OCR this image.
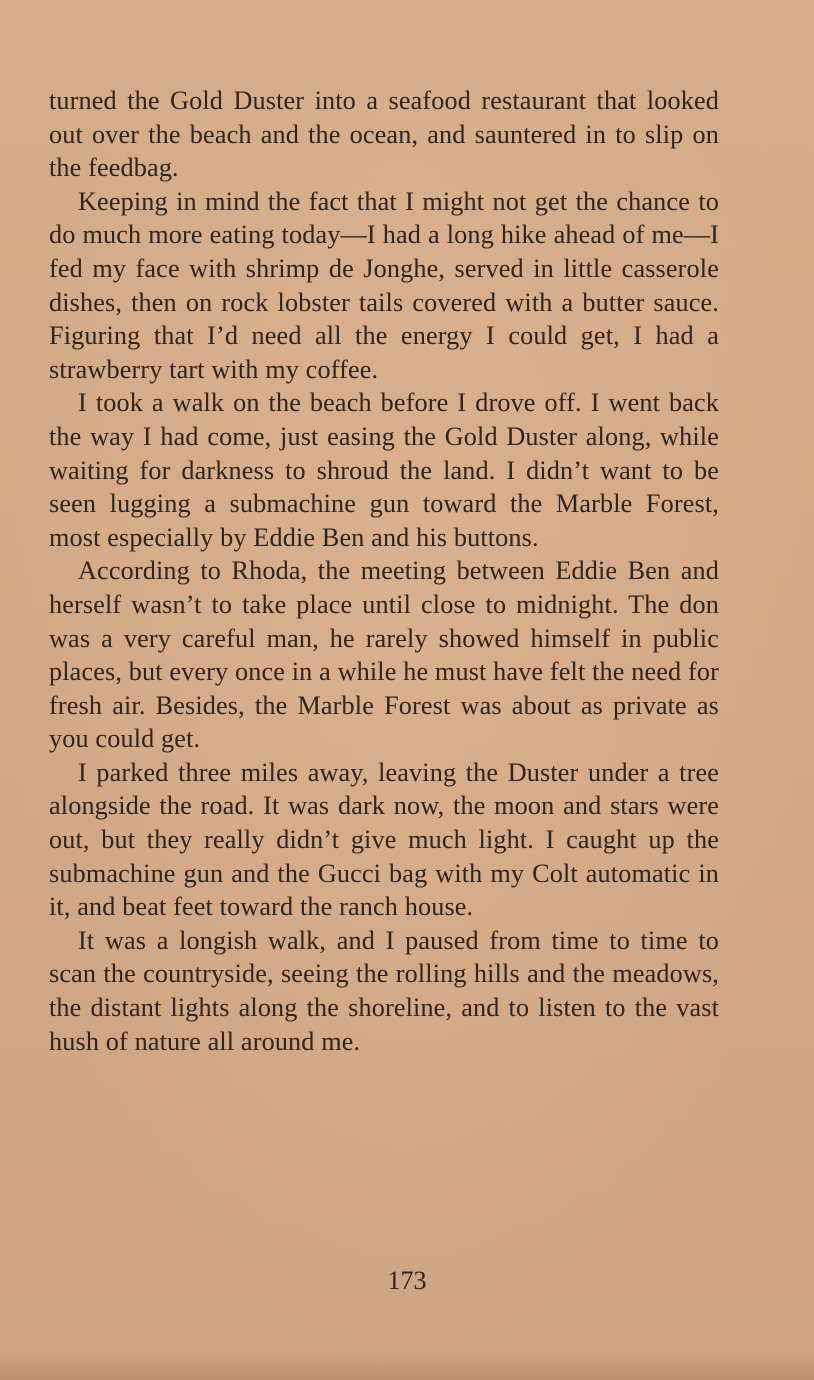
turned the Gold Duster into a seafood restaurant that looked out over the beach and the ocean, and sauntered in to slip on the feedbag.

Keeping in mind the fact that I might not get the chance to do much more eating today—I had a long hike ahead of me—I fed my face with shrimp de Jonghe, served in little casserole dishes, then on rock lobster tails covered with a butter sauce. Figuring that I’d need all the energy I could get, I had a strawberry tart with my coffee.

I took a walk on the beach before I drove off. I went back the way I had come, just easing the Gold Duster along, while waiting for darkness to shroud the land. I didn’t want to be seen lugging a submachine gun toward the Marble Forest, most especially by Eddie Ben and his buttons.

According to Rhoda, the meeting between Eddie Ben and herself wasn’t to take place until close to midnight. The don was a very careful man, he rarely showed himself in public places, but every once in a while he must have felt the need for fresh air. Besides, the Marble Forest was about as private as you could get.

I parked three miles away, leaving the Duster under a tree alongside the road. It was dark now, the moon and stars were out, but they really didn’t give much light. I caught up the submachine gun and the Gucci bag with my Colt automatic in it, and beat feet toward the ranch house.

It was a longish walk, and I paused from time to time to scan the countryside, seeing the rolling hills and the meadows, the distant lights along the shoreline, and to listen to the vast hush of nature all around me.

173
